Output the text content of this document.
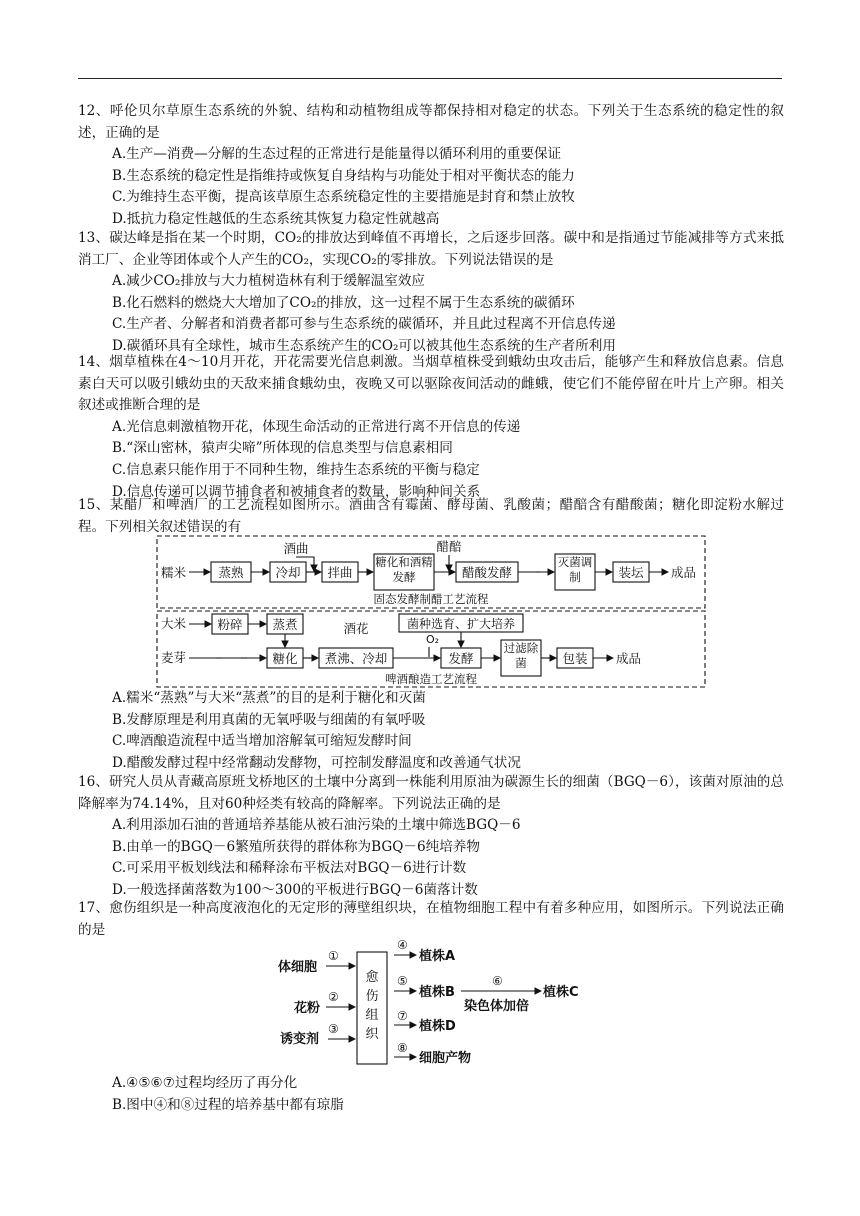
12、呼伦贝尔草原生态系统的外貌、结构和动植物组成等都保持相对稳定的状态。下列关于生态系统的稳定性的叙述，正确的是

A.生产—消费—分解的生态过程的正常进行是能量得以循环利用的重要保证

B.生态系统的稳定性是指维持或恢复自身结构与功能处于相对平衡状态的能力

C.为维持生态平衡，提高该草原生态系统稳定性的主要措施是封育和禁止放牧

D.抵抗力稳定性越低的生态系统其恢复力稳定性就越高

13、碳达峰是指在某一个时期，CO₂的排放达到峰值不再增长，之后逐步回落。碳中和是指通过节能减排等方式来抵消工厂、企业等团体或个人产生的CO₂，实现CO₂的零排放。下列说法错误的是

A.减少CO₂排放与大力植树造林有利于缓解温室效应

B.化石燃料的燃烧大大增加了CO₂的排放，这一过程不属于生态系统的碳循环

C.生产者、分解者和消费者都可参与生态系统的碳循环，并且此过程离不开信息传递

D.碳循环具有全球性，城市生态系统产生的CO₂可以被其他生态系统的生产者所利用

14、烟草植株在4～10月开花，开花需要光信息刺激。当烟草植株受到蛾幼虫攻击后，能够产生和释放信息素。信息素白天可以吸引蛾幼虫的天敌来捕食蛾幼虫，夜晚又可以驱除夜间活动的雌蛾，使它们不能停留在叶片上产卵。相关叙述或推断合理的是

A.光信息刺激植物开花，体现生命活动的正常进行离不开信息的传递

B.“深山密林，猿声尖啼”所体现的信息类型与信息素相同

C.信息素只能作用于不同种生物，维持生态系统的平衡与稳定

D.信息传递可以调节捕食者和被捕食者的数量，影响种间关系

15、某醋厂和啤酒厂的工艺流程如图所示。酒曲含有霉菌、酵母菌、乳酸菌；醋醅含有醋酸菌；糖化即淀粉水解过程。下列相关叙述错误的有

糯米	蒸熟	冷却 拌曲
糖化和酒精发酵	醋酸发酵
灭菌调制	装坛
酒曲	醋醅
成品
固态发酵制醋工艺流程
大米
麦芽
粉碎 蒸煮
糖化 煮沸、冷却	发酵
过滤除菌	包装
酒花	菌种选育、扩大培养
O₂
成品
啤酒酿造工艺流程

A.糯米“蒸熟”与大米“蒸煮”的目的是利于糖化和灭菌

B.发酵原理是利用真菌的无氧呼吸与细菌的有氧呼吸

C.啤酒酿造流程中适当增加溶解氧可缩短发酵时间

D.醋酸发酵过程中经常翻动发酵物，可控制发酵温度和改善通气状况

16、研究人员从青藏高原班戈桥地区的土壤中分离到一株能利用原油为碳源生长的细菌（BGQ－6），该菌对原油的总降解率为74.14%，且对60种烃类有较高的降解率。下列说法正确的是

A.利用添加石油的普通培养基能从被石油污染的土壤中筛选BGQ－6

B.由单一的BGQ－6繁殖所获得的群体称为BGQ－6纯培养物

C.可采用平板划线法和稀释涂布平板法对BGQ－6进行计数

D.一般选择菌落数为100～300的平板进行BGQ－6菌落计数

17、愈伤组织是一种高度液泡化的无定形的薄壁组织块，在植物细胞工程中有着多种应用，如图所示。下列说法正确的是

体细胞
花粉
诱变剂
①
②
③
愈伤组织
④
⑤
⑦
⑧
⑥
植株A
植株B
植株D
细胞产物
染色体加倍
植株C

A.④⑤⑥⑦过程均经历了再分化

B.图中④和⑧过程的培养基中都有琼脂
